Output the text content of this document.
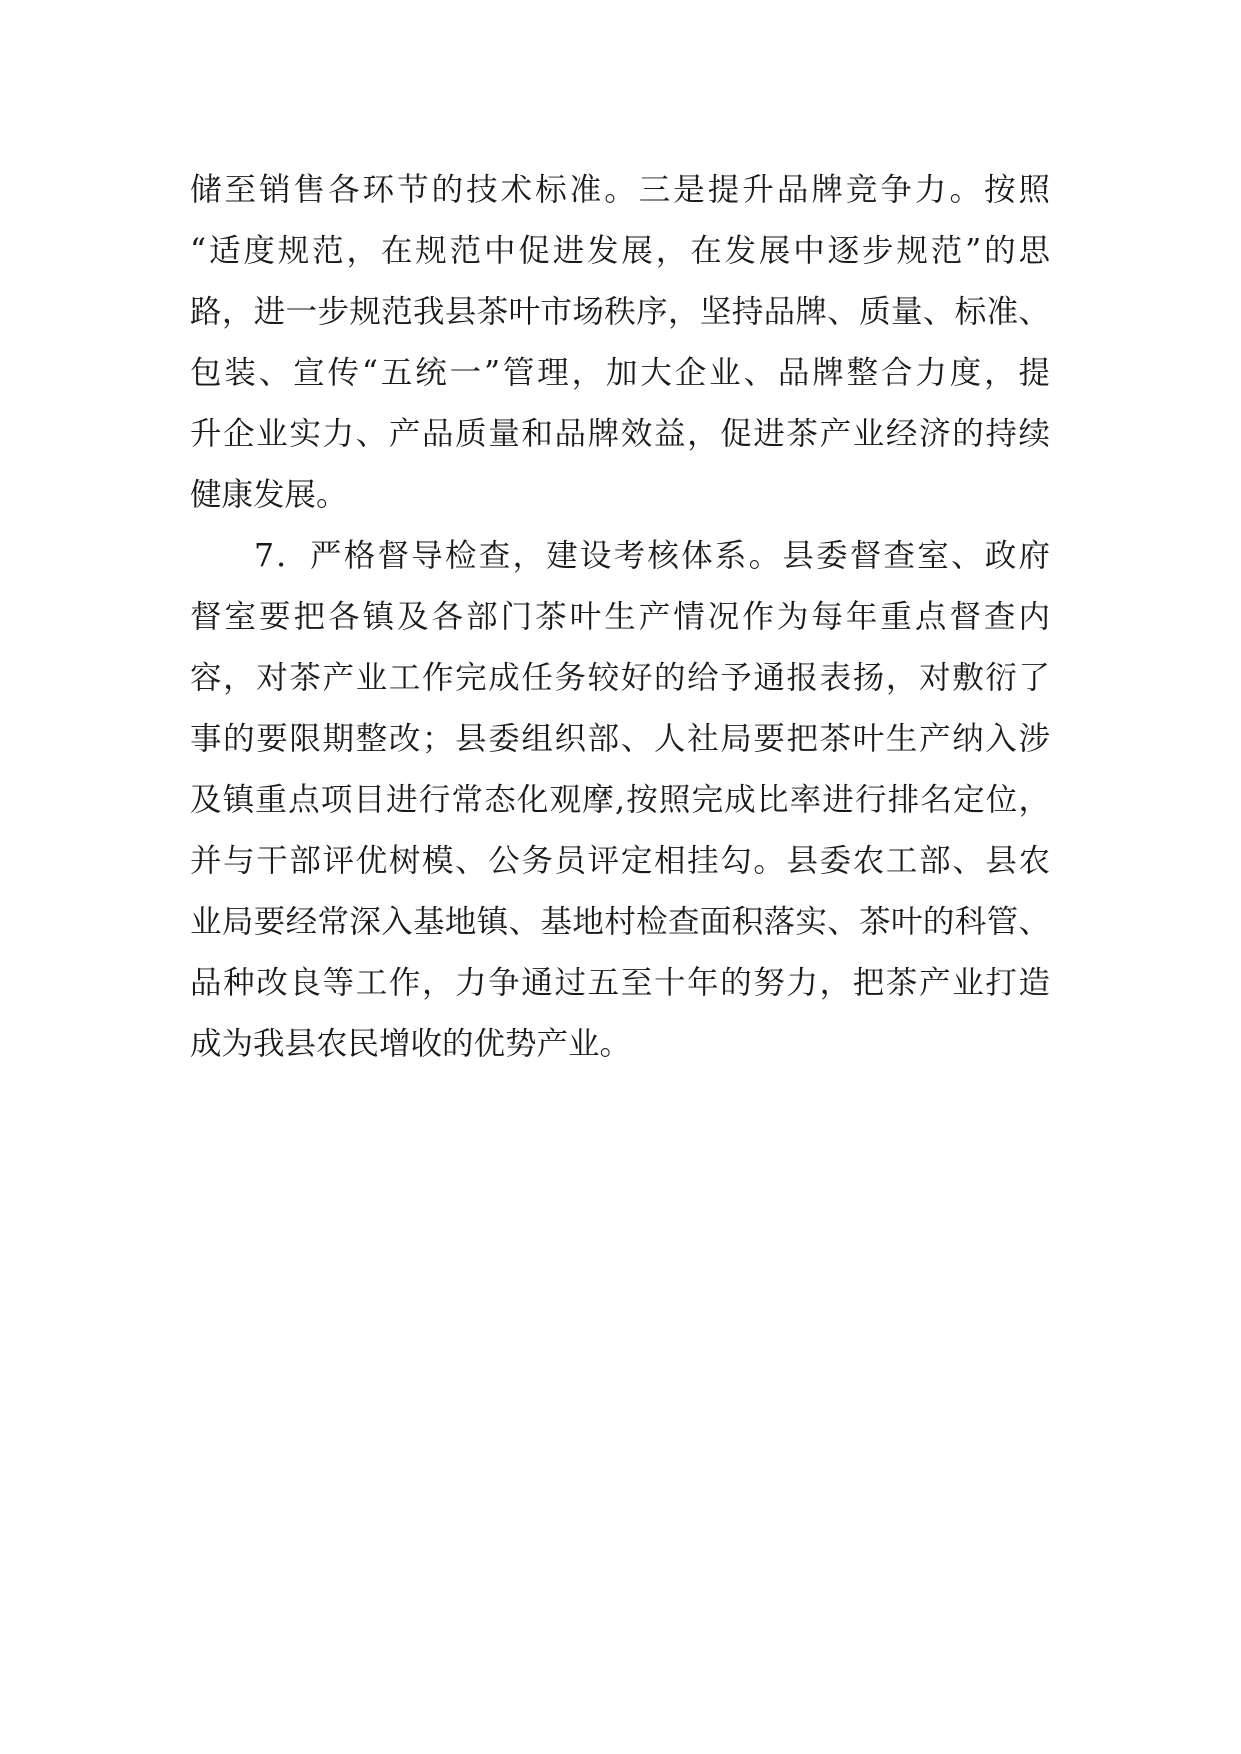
储至销售各环节的技术标准。三是提升品牌竞争力。按照
“适度规范，在规范中促进发展，在发展中逐步规范”的思
路，进一步规范我县茶叶市场秩序，坚持品牌、质量、标准、
包装、宣传“五统一”管理，加大企业、品牌整合力度，提
升企业实力、产品质量和品牌效益，促进茶产业经济的持续
健康发展。
7．严格督导检查，建设考核体系。县委督查室、政府
督室要把各镇及各部门茶叶生产情况作为每年重点督查内
容，对茶产业工作完成任务较好的给予通报表扬，对敷衍了
事的要限期整改；县委组织部、人社局要把茶叶生产纳入涉
及镇重点项目进行常态化观摩,按照完成比率进行排名定位，
并与干部评优树模、公务员评定相挂勾。县委农工部、县农
业局要经常深入基地镇、基地村检查面积落实、茶叶的科管、
品种改良等工作，力争通过五至十年的努力，把茶产业打造
成为我县农民增收的优势产业。
